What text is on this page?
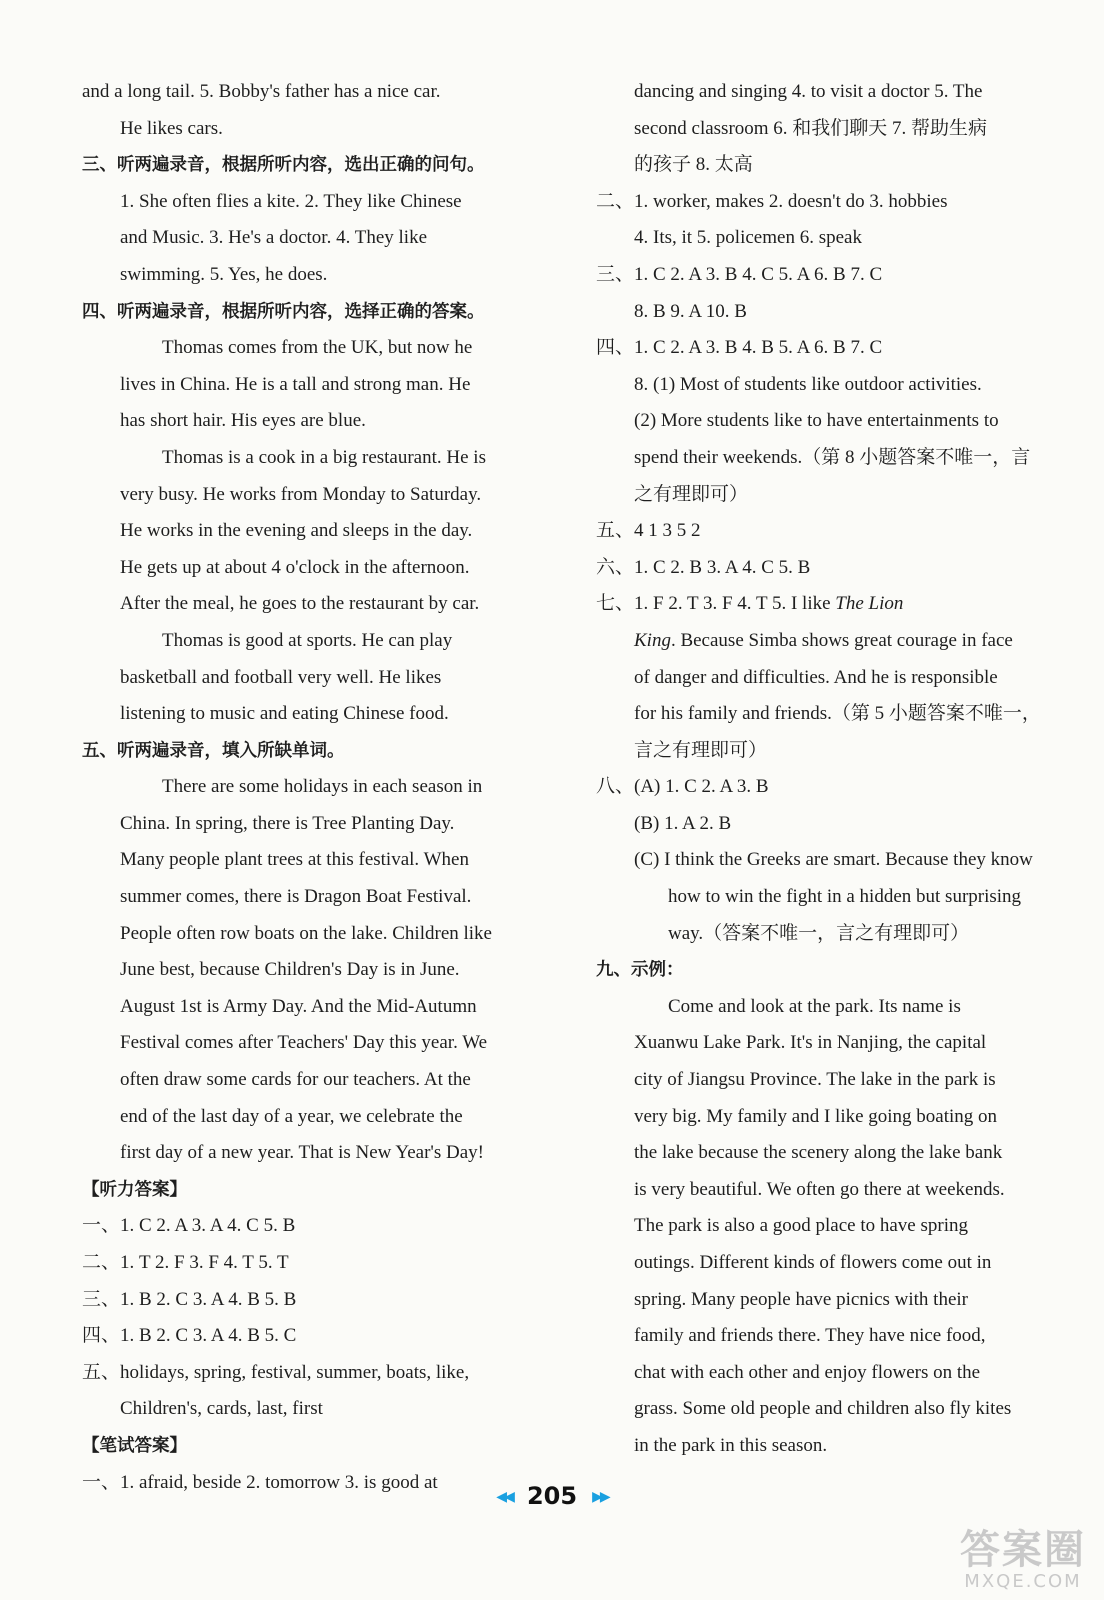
and a long tail. 5. Bobby's father has a nice car.
He likes cars.
三、听两遍录音，根据所听内容，选出正确的问句。
1. She often flies a kite. 2. They like Chinese
and Music. 3. He's a doctor. 4. They like
swimming. 5. Yes, he does.
四、听两遍录音，根据所听内容，选择正确的答案。
Thomas comes from the UK, but now he
lives in China. He is a tall and strong man. He
has short hair. His eyes are blue.
Thomas is a cook in a big restaurant. He is
very busy. He works from Monday to Saturday.
He works in the evening and sleeps in the day.
He gets up at about 4 o'clock in the afternoon.
After the meal, he goes to the restaurant by car.
Thomas is good at sports. He can play
basketball and football very well. He likes
listening to music and eating Chinese food.
五、听两遍录音，填入所缺单词。
There are some holidays in each season in
China. In spring, there is Tree Planting Day.
Many people plant trees at this festival. When
summer comes, there is Dragon Boat Festival.
People often row boats on the lake. Children like
June best, because Children's Day is in June.
August 1st is Army Day. And the Mid-Autumn
Festival comes after Teachers' Day this year. We
often draw some cards for our teachers. At the
end of the last day of a year, we celebrate the
first day of a new year. That is New Year's Day!
【听力答案】
一、1. C 2. A 3. A 4. C 5. B
二、1. T 2. F 3. F 4. T 5. T
三、1. B 2. C 3. A 4. B 5. B
四、1. B 2. C 3. A 4. B 5. C
五、holidays, spring, festival, summer, boats, like,
Children's, cards, last, first
【笔试答案】
一、1. afraid, beside 2. tomorrow 3. is good at
dancing and singing 4. to visit a doctor 5. The
second classroom 6. 和我们聊天 7. 帮助生病
的孩子 8. 太高
二、1. worker, makes 2. doesn't do 3. hobbies
4. Its, it 5. policemen 6. speak
三、1. C 2. A 3. B 4. C 5. A 6. B 7. C
8. B 9. A 10. B
四、1. C 2. A 3. B 4. B 5. A 6. B 7. C
8. (1) Most of students like outdoor activities.
(2) More students like to have entertainments to
spend their weekends.（第 8 小题答案不唯一，言
之有理即可）
五、4 1 3 5 2
六、1. C 2. B 3. A 4. C 5. B
七、1. F 2. T 3. F 4. T 5. I like The Lion
King. Because Simba shows great courage in face
of danger and difficulties. And he is responsible
for his family and friends.（第 5 小题答案不唯一，
言之有理即可）
八、(A) 1. C 2. A 3. B
(B) 1. A 2. B
(C) I think the Greeks are smart. Because they know
how to win the fight in a hidden but surprising
way.（答案不唯一，言之有理即可）
九、示例：
Come and look at the park. Its name is
Xuanwu Lake Park. It's in Nanjing, the capital
city of Jiangsu Province. The lake in the park is
very big. My family and I like going boating on
the lake because the scenery along the lake bank
is very beautiful. We often go there at weekends.
The park is also a good place to have spring
outings. Different kinds of flowers come out in
spring. Many people have picnics with their
family and friends there. They have nice food,
chat with each other and enjoy flowers on the
grass. Some old people and children also fly kites
in the park in this season.
◀◀ 205 ▶▶
答案圈
MXQE.COM
